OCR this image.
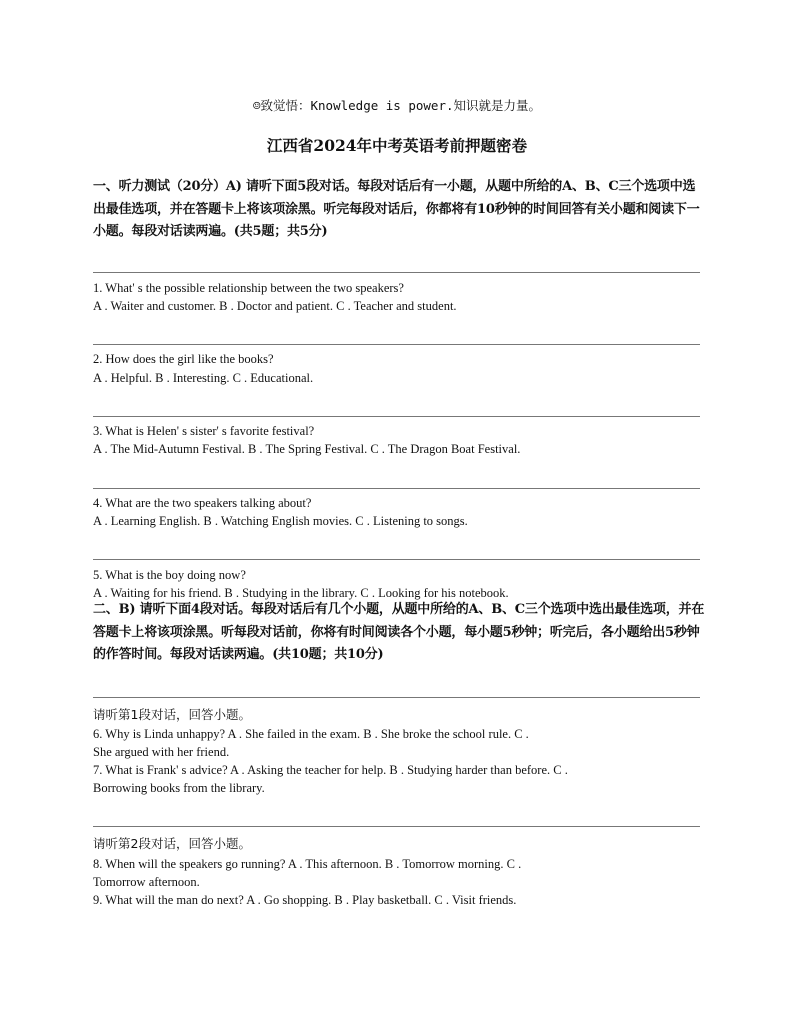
☺致觉悟：Knowledge is power.知识就是力量。
江西省2024年中考英语考前押题密卷
一、听力测试（20分）A) 请听下面5段对话。每段对话后有一小题，从题中所给的A、B、C三个选项中选出最佳选项，并在答题卡上将该项涂黑。听完每段对话后，你都将有10秒钟的时间回答有关小题和阅读下一小题。每段对话读两遍。(共5题；共5分)
1. What' s the possible relationship between the two speakers?
A . Waiter and customer. B . Doctor and patient. C . Teacher and student.
2. How does the girl like the books?
A . Helpful. B . Interesting. C . Educational.
3. What is Helen' s sister' s favorite festival?
A . The Mid-Autumn Festival. B . The Spring Festival. C . The Dragon Boat Festival.
4. What are the two speakers talking about?
A . Learning English. B . Watching English movies. C . Listening to songs.
5. What is the boy doing now?
A . Waiting for his friend. B . Studying in the library. C . Looking for his notebook.
二、B) 请听下面4段对话。每段对话后有几个小题，从题中所给的A、B、C三个选项中选出最佳选项，并在答题卡上将该项涂黑。听每段对话前，你将有时间阅读各个小题，每小题5秒钟；听完后，各小题给出5秒钟的作答时间。每段对话读两遍。(共10题；共10分)
请听第1段对话，回答小题。
6. Why is Linda unhappy? A . She failed in the exam. B . She broke the school rule. C .
She argued with her friend.
7. What is Frank' s advice? A . Asking the teacher for help. B . Studying harder than before. C .
Borrowing books from the library.
请听第2段对话，回答小题。
8. When will the speakers go running? A . This afternoon. B . Tomorrow morning. C .
Tomorrow afternoon.
9. What will the man do next? A . Go shopping. B . Play basketball. C . Visit friends.
